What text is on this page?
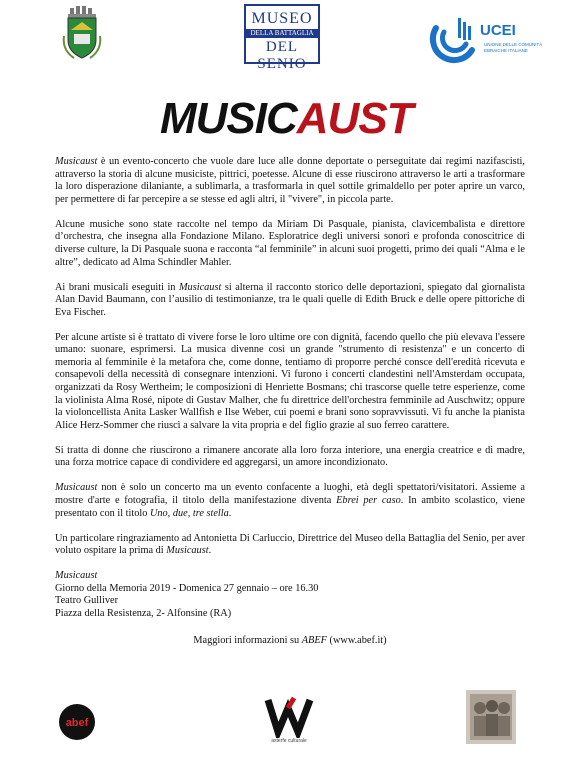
MUSEO
DELLA BATTAGLIA
DEL SENIO
UCEI
UNIONE DELLE COMUNITÀ EBRAICHE ITALIANE
MUSICAUST

Musicaust è un evento-concerto che vuole dare luce alle donne deportate o perseguitate dai regimi nazifascisti, attraverso la storia di alcune musiciste, pittrici, poetesse. Alcune di esse riuscirono attraverso le arti a trasformare la loro disperazione dilaniante, a sublimarla, a trasformarla in quel sottile grimaldello per poter aprire un varco, per permettere di far percepire a se stesse ed agli altri, il "vivere", in piccola parte.

Alcune musiche sono state raccolte nel tempo da Miriam Di Pasquale, pianista, clavicembalista e direttore d’orchestra, che insegna alla Fondazione Milano. Esploratrice degli universi sonori e profonda conoscitrice di diverse culture, la Di Pasquale suona e racconta “al femminile” in alcuni suoi progetti, primo dei quali “Alma e le altre”, dedicato ad Alma Schindler Mahler.

Ai brani musicali eseguiti in Musicaust si alterna il racconto storico delle deportazioni, spiegato dal giornalista Alan David Baumann, con l’ausilio di testimonianze, tra le quali quelle di Edith Bruck e delle opere pittoriche di Eva Fischer.

Per alcune artiste si è trattato di vivere forse le loro ultime ore con dignità, facendo quello che più elevava l'essere umano: suonare, esprimersi. La musica divenne così un grande "strumento di resistenza" e un concerto di memoria al femminile è la metafora che, come donne, tentiamo di proporre perché consce dell'eredità ricevuta e consapevoli della necessità di consegnare intenzioni. Vi furono i concerti clandestini nell'Amsterdam occupata, organizzati da Rosy Wertheim; le composizioni di Henriette Bosmans; chi trascorse quelle tetre esperienze, come la violinista Alma Rosé, nipote di Gustav Malher, che fu direttrice dell'orchestra femminile ad Auschwitz; oppure la violoncellista Anita Lasker Wallfish e Ilse Weber, cui poemi e brani sono sopravvissuti. Vi fu anche la pianista Alice Herz-Sommer che riuscì a salvare la vita propria e del figlio grazie al suo ferreo carattere.

Si tratta di donne che riuscirono a rimanere ancorate alla loro forza interiore, una energia creatrice e di madre, una forza motrice capace di condividere ed aggregarsi, un amore incondizionato.

Musicaust non è solo un concerto ma un evento confacente a luoghi, età degli spettatori/visitatori. Assieme a mostre d'arte e fotografia, il titolo della manifestazione diventa Ebrei per caso. In ambito scolastico, viene presentato con il titolo Uno, due, tre stella.

Un particolare ringraziamento ad Antonietta Di Carluccio, Direttrice del Museo della Battaglia del Senio, per aver voluto ospitare la prima di Musicaust.

Musicaust
Giorno della Memoria 2019 - Domenica 27 gennaio – ore 16.30
Teatro Gulliver
Piazza della Resistenza, 2- Alfonsine (RA)

Maggiori informazioni su ABEF (www.abef.it)

abef
asterfe culturale
